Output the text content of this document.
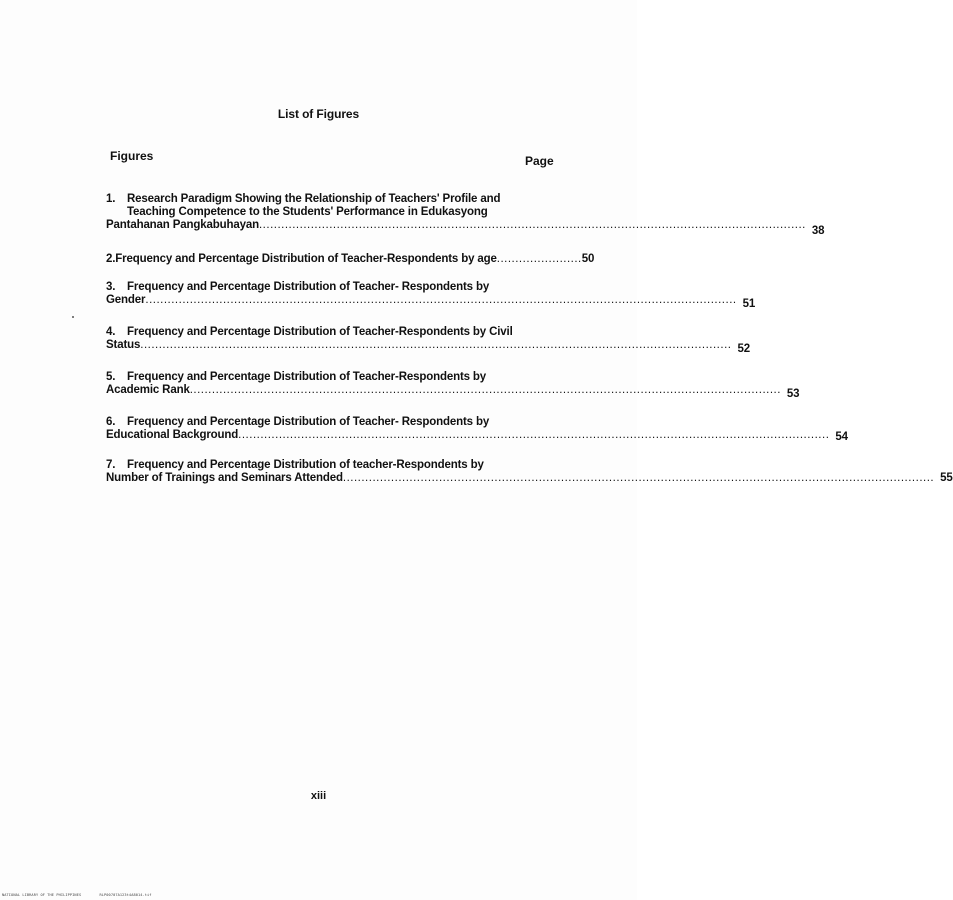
List of Figures
Figures	Page
1.	Research Paradigm Showing the Relationship of Teachers' Profile and
Teaching Competence to the Students' Performance in Edukasyong
Pantahanan Pangkabuhayan .................................................................................................................................................... 38
2. Frequency and Percentage Distribution of Teacher-Respondents by age ....................... 50
3.	Frequency and Percentage Distribution of Teacher- Respondents by
Gender ................................................................................................................................................................ 51
4.	Frequency and Percentage Distribution of Teacher-Respondents by Civil
Status ................................................................................................................................................................ 52
5.	Frequency and Percentage Distribution of Teacher-Respondents by
Academic Rank ................................................................................................................................................................ 53
6.	Frequency and Percentage Distribution of Teacher- Respondents by
Educational Background ................................................................................................................................................................ 54
7.	Frequency and Percentage Distribution of teacher-Respondents by
Number of Trainings and Seminars Attended ................................................................................................................................................................ 55
xiii
NATIONAL LIBRARY OF THE PHILIPPINES	RLP00707A123t4A8014.tif
